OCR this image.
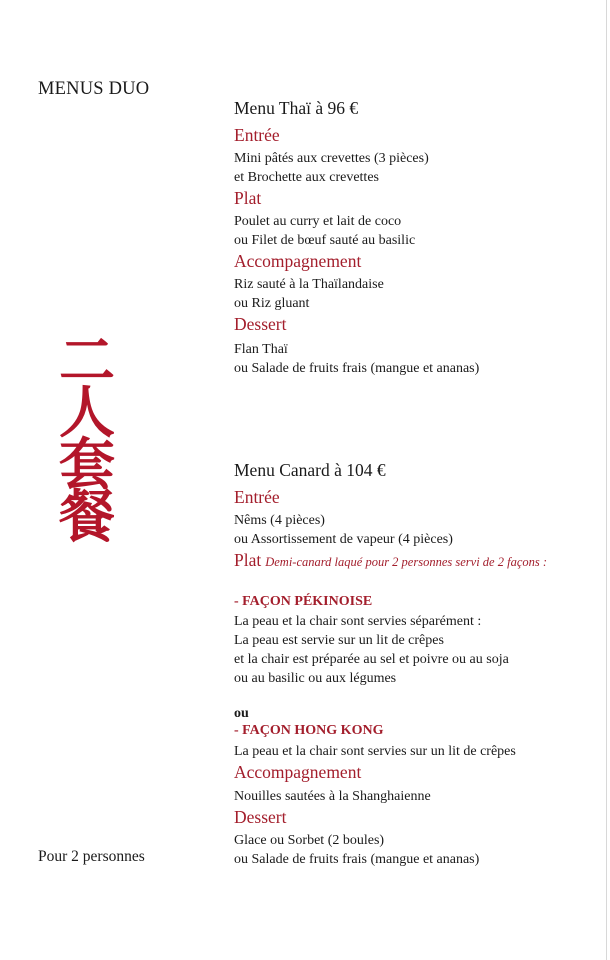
MENUS DUO
二
人
套
餐
Menu Thaï à 96 €
Entrée
Mini pâtés aux crevettes (3 pièces)
et Brochette aux crevettes
Plat
Poulet au curry et lait de coco
ou Filet de bœuf sauté au basilic
Accompagnement
Riz sauté à la Thaïlandaise
ou Riz gluant
Dessert
Flan Thaï
ou Salade de fruits frais (mangue et ananas)
Menu Canard à 104 €
Entrée
Nêms (4 pièces)
ou Assortissement de vapeur (4 pièces)
Plat Demi-canard laqué pour 2 personnes servi de 2 façons :
- FAÇON PÉKINOISE
La peau et la chair sont servies séparément :
La peau est servie sur un lit de crêpes
et la chair est préparée au sel et poivre ou au soja
ou au basilic ou aux légumes
ou
- FAÇON HONG KONG
La peau et la chair sont servies sur un lit de crêpes
Accompagnement
Nouilles sautées à la Shanghaienne
Dessert
Glace ou Sorbet (2 boules)
ou Salade de fruits frais (mangue et ananas)
Pour 2 personnes
